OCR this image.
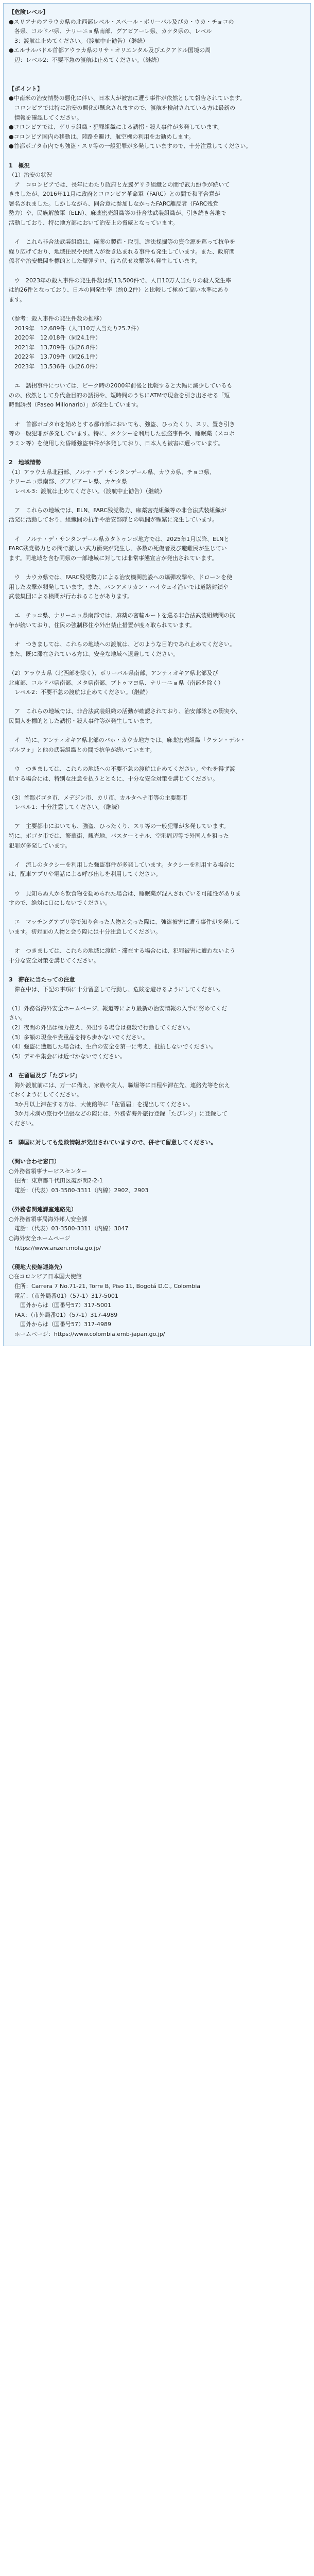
【危険レベル】
●スリアナのアラウカ県の北西部レベル・スペール・ボリーバル及びカ・ウカ・チョコの
　各県、コルドバ県、ナリーニョ県南部、グアビアーレ県、カケタ県の、レベル
　3：渡航は止めてください。（渡航中止勧告）（継続）
●エルサルバドル首都アウラカ県のリサ・オリエンタル及びエクアドル国境の周
　辺：レベル2：不要不急の渡航は止めてください。（継続）
【ポイント】
●中南米の治安情勢の悪化に伴い、日本人が被害に遭う事件が依然として報告されています。
　コロンビアでは特に治安の悪化が懸念されますので、渡航を検討されている方は最新の
　情報を確認してください。
●コロンビアでは、ゲリラ組織・犯罪組織による誘拐・殺人事件が多発しています。
●コロンビア国内の移動は、陸路を避け、航空機の利用をお勧めします。
●首都ボゴタ市内でも強盗・スリ等の一般犯罪が多発していますので、十分注意してください。
1　概況
（1）治安の状況
　ア　コロンビアでは、長年にわたり政府と左翼ゲリラ組織との間で武力紛争が続いて
きましたが、2016年11月に政府とコロンビア革命軍（FARC）との間で和平合意が
署名されました。しかしながら、同合意に参加しなかったFARC離反者（FARC残党
勢力）や、民族解放軍（ELN）、麻薬密売組織等の非合法武装組織が、引き続き各地で
活動しており、特に地方部において治安上の脅威となっています。
　イ　これら非合法武装組織は、麻薬の製造・取引、違法採掘等の資金源を巡って抗争を
繰り広げており、地域住民や民間人が巻き込まれる事件も発生しています。また、政府関
係者や治安機関を標的とした爆弾テロ、待ち伏せ攻撃等も発生しています。
　ウ　2023年の殺人事件の発生件数は約13,500件で、人口10万人当たりの殺人発生率
は約26件となっており、日本の同発生率（約0.2件）と比較して極めて高い水準にあり
ます。
（参考：殺人事件の発生件数の推移）
　2019年　12,689件（人口10万人当たり25.7件）
　2020年　12,018件（同24.1件）
　2021年　13,709件（同26.8件）
　2022年　13,709件（同26.1件）
　2023年　13,536件（同26.0件）
　エ　誘拐事件については、ピーク時の2000年前後と比較すると大幅に減少しているも
のの、依然として身代金目的の誘拐や、短時間のうちにATMで現金を引き出させる「短
時間誘拐（Paseo Millonario）」が発生しています。
　オ　首都ボゴタ市を始めとする都市部においても、強盗、ひったくり、スリ、置き引き
等の一般犯罪が多発しています。特に、タクシーを利用した強盗事件や、睡眠薬（スコポ
ラミン等）を使用した昏睡強盗事件が多発しており、日本人も被害に遭っています。
2　地域情勢
（1）アラウカ県北西部、ノルテ・デ・サンタンデール県、カウカ県、チョコ県、
ナリーニョ県南部、グアビアーレ県、カケタ県
　レベル3：渡航は止めてください。（渡航中止勧告）（継続）
　ア　これらの地域では、ELN、FARC残党勢力、麻薬密売組織等の非合法武装組織が
活発に活動しており、組織間の抗争や治安部隊との戦闘が頻繁に発生しています。
　イ　ノルテ・デ・サンタンデール県カタトゥンボ地方では、2025年1月以降、ELNと
FARC残党勢力との間で激しい武力衝突が発生し、多数の死傷者及び避難民が生じてい
ます。同地域を含む同県の一部地域に対しては非常事態宣言が発出されています。
　ウ　カウカ県では、FARC残党勢力による治安機関施設への爆弾攻撃や、ドローンを使
用した攻撃が頻発しています。また、パンアメリカン・ハイウェイ沿いでは道路封鎖や
武装集団による検問が行われることがあります。
　エ　チョコ県、ナリーニョ県南部では、麻薬の密輸ルートを巡る非合法武装組織間の抗
争が続いており、住民の強制移住や外出禁止措置が度々取られています。
　オ　つきましては、これらの地域への渡航は、どのような目的であれ止めてください。
また、既に滞在されている方は、安全な地域へ退避してください。
（2）アラウカ県（北西部を除く）、ボリーバル県南部、アンティオキア県北部及び
北東部、コルドバ県南部、メタ県南部、プトゥマヨ県、ナリーニョ県（南部を除く）
　レベル2：不要不急の渡航は止めてください。（継続）
　ア　これらの地域では、非合法武装組織の活動が確認されており、治安部隊との衝突や、
民間人を標的とした誘拐・殺人事件等が発生しています。
　イ　特に、アンティオキア県北部のバホ・カウカ地方では、麻薬密売組織「クラン・デル・
ゴルフォ」と他の武装組織との間で抗争が続いています。
　ウ　つきましては、これらの地域への不要不急の渡航は止めてください。やむを得ず渡
航する場合には、特別な注意を払うとともに、十分な安全対策を講じてください。
（3）首都ボゴタ市、メデジン市、カリ市、カルタヘナ市等の主要都市
　レベル1：十分注意してください。（継続）
　ア　主要都市においても、強盗、ひったくり、スリ等の一般犯罪が多発しています。
特に、ボゴタ市では、繁華街、観光地、バスターミナル、空港周辺等で外国人を狙った
犯罪が多発しています。
　イ　流しのタクシーを利用した強盗事件が多発しています。タクシーを利用する場合に
は、配車アプリや電話による呼び出しを利用してください。
　ウ　見知らぬ人から飲食物を勧められた場合は、睡眠薬が混入されている可能性がありま
すので、絶対に口にしないでください。
　エ　マッチングアプリ等で知り合った人物と会った際に、強盗被害に遭う事件が多発して
います。初対面の人物と会う際には十分注意してください。
　オ　つきましては、これらの地域に渡航・滞在する場合には、犯罪被害に遭わないよう
十分な安全対策を講じてください。
3　滞在に当たっての注意
　滞在中は、下記の事項に十分留意して行動し、危険を避けるようにしてください。
（1）外務省海外安全ホームページ、報道等により最新の治安情報の入手に努めてくだ
さい。
（2）夜間の外出は極力控え、外出する場合は複数で行動してください。
（3）多額の現金や貴重品を持ち歩かないでください。
（4）強盗に遭遇した場合は、生命の安全を第一に考え、抵抗しないでください。
（5）デモや集会には近づかないでください。
4　在留届及び「たびレジ」
　海外渡航前には、万一に備え、家族や友人、職場等に日程や滞在先、連絡先等を伝え
ておくようにしてください。
　3か月以上滞在する方は、大使館等に「在留届」を提出してください。
　3か月未満の旅行や出張などの際には、外務省海外旅行登録「たびレジ」に登録して
ください。
5　隣国に対しても危険情報が発出されていますので、併せて留意してください。
（問い合わせ窓口）
○外務省領事サービスセンター
　住所：東京都千代田区霞が関2-2-1
　電話：（代表）03-3580-3311（内線）2902、2903
（外務省関連課室連絡先）
○外務省領事局海外邦人安全課
　電話：（代表）03-3580-3311（内線）3047
○海外安全ホームページ
　https://www.anzen.mofa.go.jp/
（現地大使館連絡先）
○在コロンビア日本国大使館
　住所：Carrera 7 No.71-21, Torre B, Piso 11, Bogotá D.C., Colombia
　電話：（市外局番01）（57-1）317-5001
　　国外からは（国番号57）317-5001
　FAX：（市外局番01）（57-1）317-4989
　　国外からは（国番号57）317-4989
　ホームページ：https://www.colombia.emb-japan.go.jp/
